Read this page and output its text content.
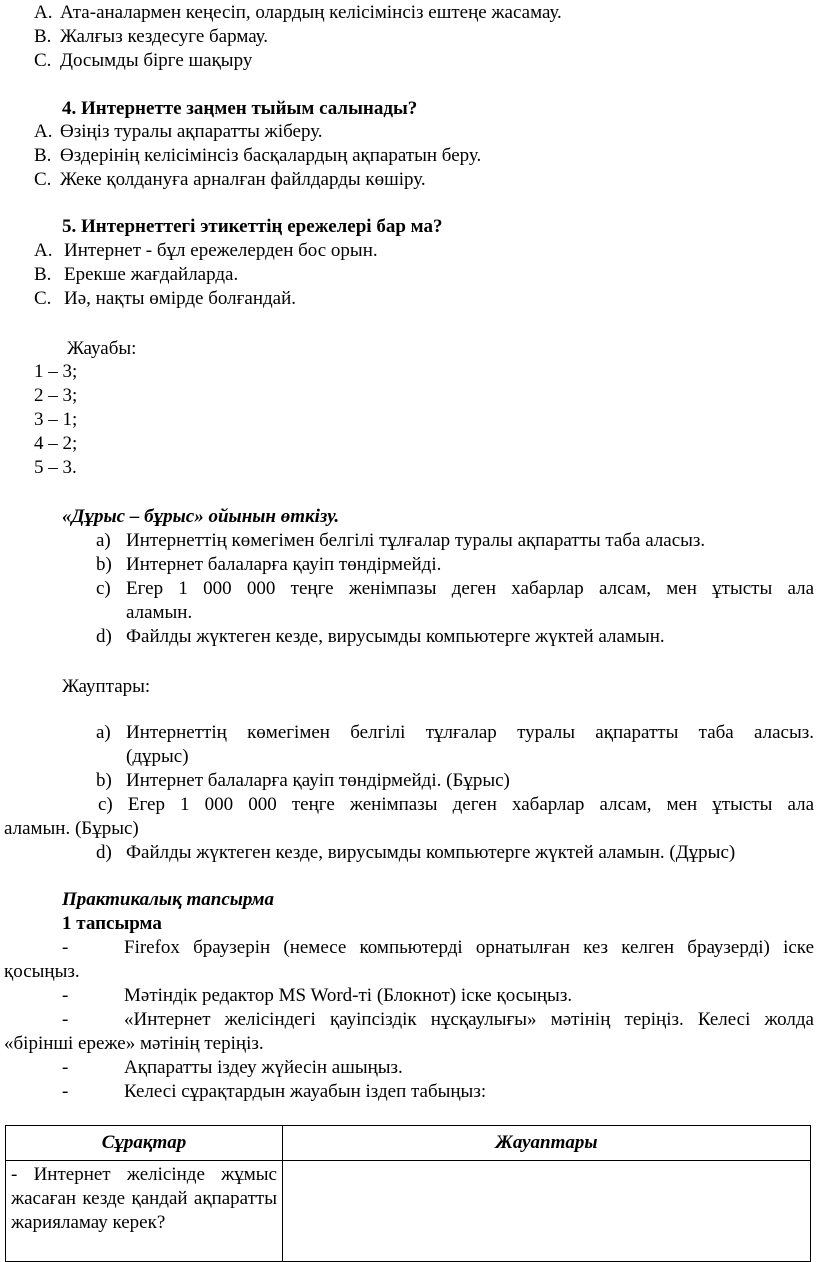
A. Ата-аналармен кеңесіп, олардың келісімінсіз ештеңе жасамау.
B. Жалғыз кездесуге бармау.
C. Досымды бірге шақыру
4. Интернетте заңмен тыйым салынады?
A. Өзіңіз туралы ақпаратты жіберу.
B. Өздерінің келісімінсіз басқалардың ақпаратын беру.
C. Жеке қолдануға арналған файлдарды көшіру.
5. Интернеттегі этикеттің ережелері бар ма?
A. Интернет - бұл ережелерден бос орын.
B. Ерекше жағдайларда.
C. Иә, нақты өмірде болғандай.
Жауабы:
1 – 3;
2 – 3;
3 – 1;
4 – 2;
5 – 3.
«Дұрыс – бұрыс» ойынын өткізу.
a) Интернеттің көмегімен белгілі тұлғалар туралы ақпаратты таба аласыз.
b) Интернет балаларға қауіп төндірмейді.
c) Егер 1 000 000 теңге женімпазы деген хабарлар алсам, мен ұтысты ала
аламын.
d) Файлды жүктеген кезде, вирусымды компьютерге жүктей аламын.
Жауптары:
a) Интернеттің көмегімен белгілі тұлғалар туралы ақпаратты таба аласыз.
(дұрыс)
b) Интернет балаларға қауіп төндірмейді. (Бұрыс)
c) Егер 1 000 000 теңге женімпазы деген хабарлар алсам, мен ұтысты ала
аламын. (Бұрыс)
d) Файлды жүктеген кезде, вирусымды компьютерге жүктей аламын. (Дұрыс)
Практикалық тапсырма
1 тапсырма
-	Firefox браузерін (немесе компьютерді орнатылған кез келген браузерді) іске
қосыңыз.
-	Мәтіндік редактор MS Word-ті (Блокнот) іске қосыңыз.
-	«Интернет желісіндегі қауіпсіздік нұсқаулығы» мәтінің теріңіз. Келесі жолда
«бірінші ереже» мәтінің теріңіз.
-	Ақпаратты іздеу жүйесін ашыңыз.
-	Келесі сұрақтардын жауабын іздеп табыңыз:
Сұрақтар	Жауаптары
- Интернет желісінде жұмыс жасаған кезде қандай ақпаратты жарияламау керек?	
